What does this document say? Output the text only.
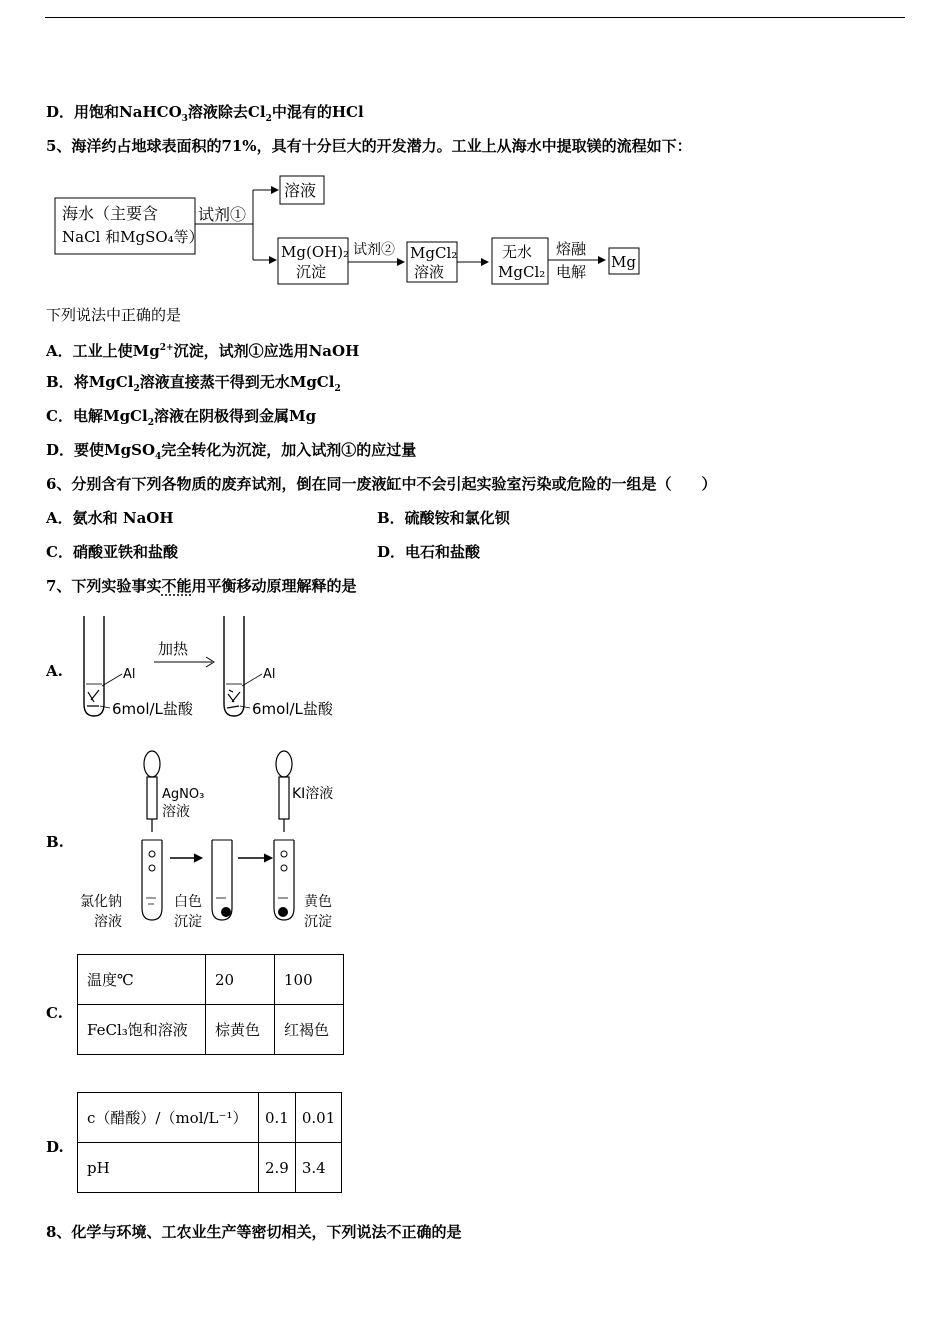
D．用饱和NaHCO$_3$溶液除去$Cl_2$中混有的HCl
5、海洋约占地球表面积的71%，具有十分巨大的开发潜力。工业上从海水中提取镁的流程如下：
海水（主要含
NaCl 和MgSO₄等）
试剂①
溶液
Mg(OH)₂
沉淀
试剂② MgCl₂
溶液
无水
MgCl₂
熔融
电解
Mg
下列说法中正确的是
A．工业上使$Mg^{2+}$沉淀，试剂①应选用NaOH
B．将MgCl$_2$溶液直接蒸干得到无水MgCl$_2$
C．电解MgCl$_2$溶液在阴极得到金属Mg
D．要使MgSO$_4$完全转化为沉淀，加入试剂①的应过量
6、分别含有下列各物质的废弃试剂，倒在同一废液缸中不会引起实验室污染或危险的一组是（　　）
A．氨水和 NaOH	B．硫酸铵和氯化钡
C．硝酸亚铁和盐酸	D．电石和盐酸
7、下列实验事实不能用平衡移动原理解释的是
A.	Al
6mol/L盐酸
加热
Al
6mol/L盐酸
B.
AgNO₃
溶液
氯化钠
溶液
白色
沉淀
KI溶液
黄色
沉淀
C.
温度℃	20	100
FeCl₃饱和溶液	棕黄色	红褐色
D.
c（醋酸）/（mol/L⁻¹）	0.1	0.01
pH	2.9	3.4
8、化学与环境、工农业生产等密切相关，下列说法不正确的是
